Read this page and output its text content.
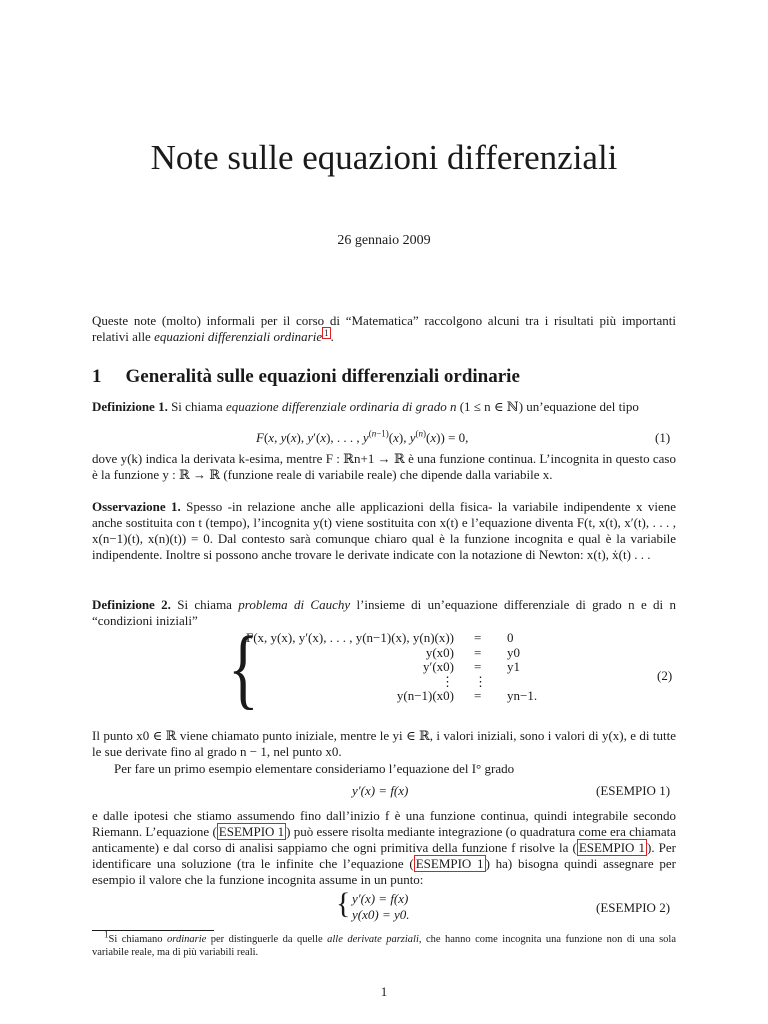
Note sulle equazioni differenziali
26 gennaio 2009
Queste note (molto) informali per il corso di “Matematica” raccolgono alcuni tra i risultati più importanti relativi alle equazioni differenziali ordinarie $^1$ .
1 Generalità sulle equazioni differenziali ordinarie
Definizione 1. Si chiama equazione differenziale ordinaria di grado n (1 ≤ n ∈ ℕ) un’equazione del tipo
F(x, y(x), y′(x), . . . , $y^{(n-1)}(x)$, $y^{(n)}(x)) = 0$,	(1)
dove y(k) indica la derivata k-esima, mentre F : ℝn+1 → ℝ è una funzione continua. L’incognita in questo caso è la funzione y : ℝ → ℝ (funzione reale di variabile reale) che dipende dalla variabile x.
Osservazione 1. Spesso -in relazione anche alle applicazioni della fisica- la variabile indipendente x viene anche sostituita con t (tempo), l’incognita y(t) viene sostituita con x(t) e l’equazione diventa F(t, x(t), x′(t), . . . , x(n−1)(t), x(n)(t)) = 0. Dal contesto sarà comunque chiaro qual è la funzione incognita e qual è la variabile indipendente. Inoltre si possono anche trovare le derivate indicate con la notazione di Newton: x(t), ẋ(t) . . .
Definizione 2. Si chiama problema di Cauchy l’insieme di un’equazione differenziale di grado n e di n “condizioni iniziali” {
F(x, y(x), y′(x), . . . , y(n−1)(x), y(n)(x))	=	0
y(x0)	=	y0
y′(x0)	=	y1
⋮	⋮	
y(n−1)(x0)	=	yn−1.
(2)
Il punto x0 ∈ ℝ viene chiamato punto iniziale, mentre le yi ∈ ℝ, i valori iniziali, sono i valori di y(x), e di tutte le sue derivate fino al grado n − 1, nel punto x0.
Per fare un primo esempio elementare consideriamo l’equazione del I° grado
y′(x) = f(x)	(ESEMPIO 1)
e dalle ipotesi che stiamo assumendo fino dall’inizio f è una funzione continua, quindi integrabile secondo Riemann. L’equazione ( ESEMPIO 1 ) può essere risolta mediante integrazione (o quadratura come era chiamata anticamente) e dal corso di analisi sappiamo che ogni primitiva della funzione f risolve la ( ESEMPIO 1 ). Per identificare una soluzione (tra le infinite che l’equazione ( ESEMPIO 1 ) ha) bisogna quindi assegnare per esempio il valore che la funzione incognita assume in un punto:
{ y′(x) = f(x)
y(x0) = y0.	(ESEMPIO 2)
$^1$Si chiamano ordinarie per distinguerle da quelle alle derivate parziali, che hanno come incognita una funzione non di una sola variabile reale, ma di più variabili reali.
1
